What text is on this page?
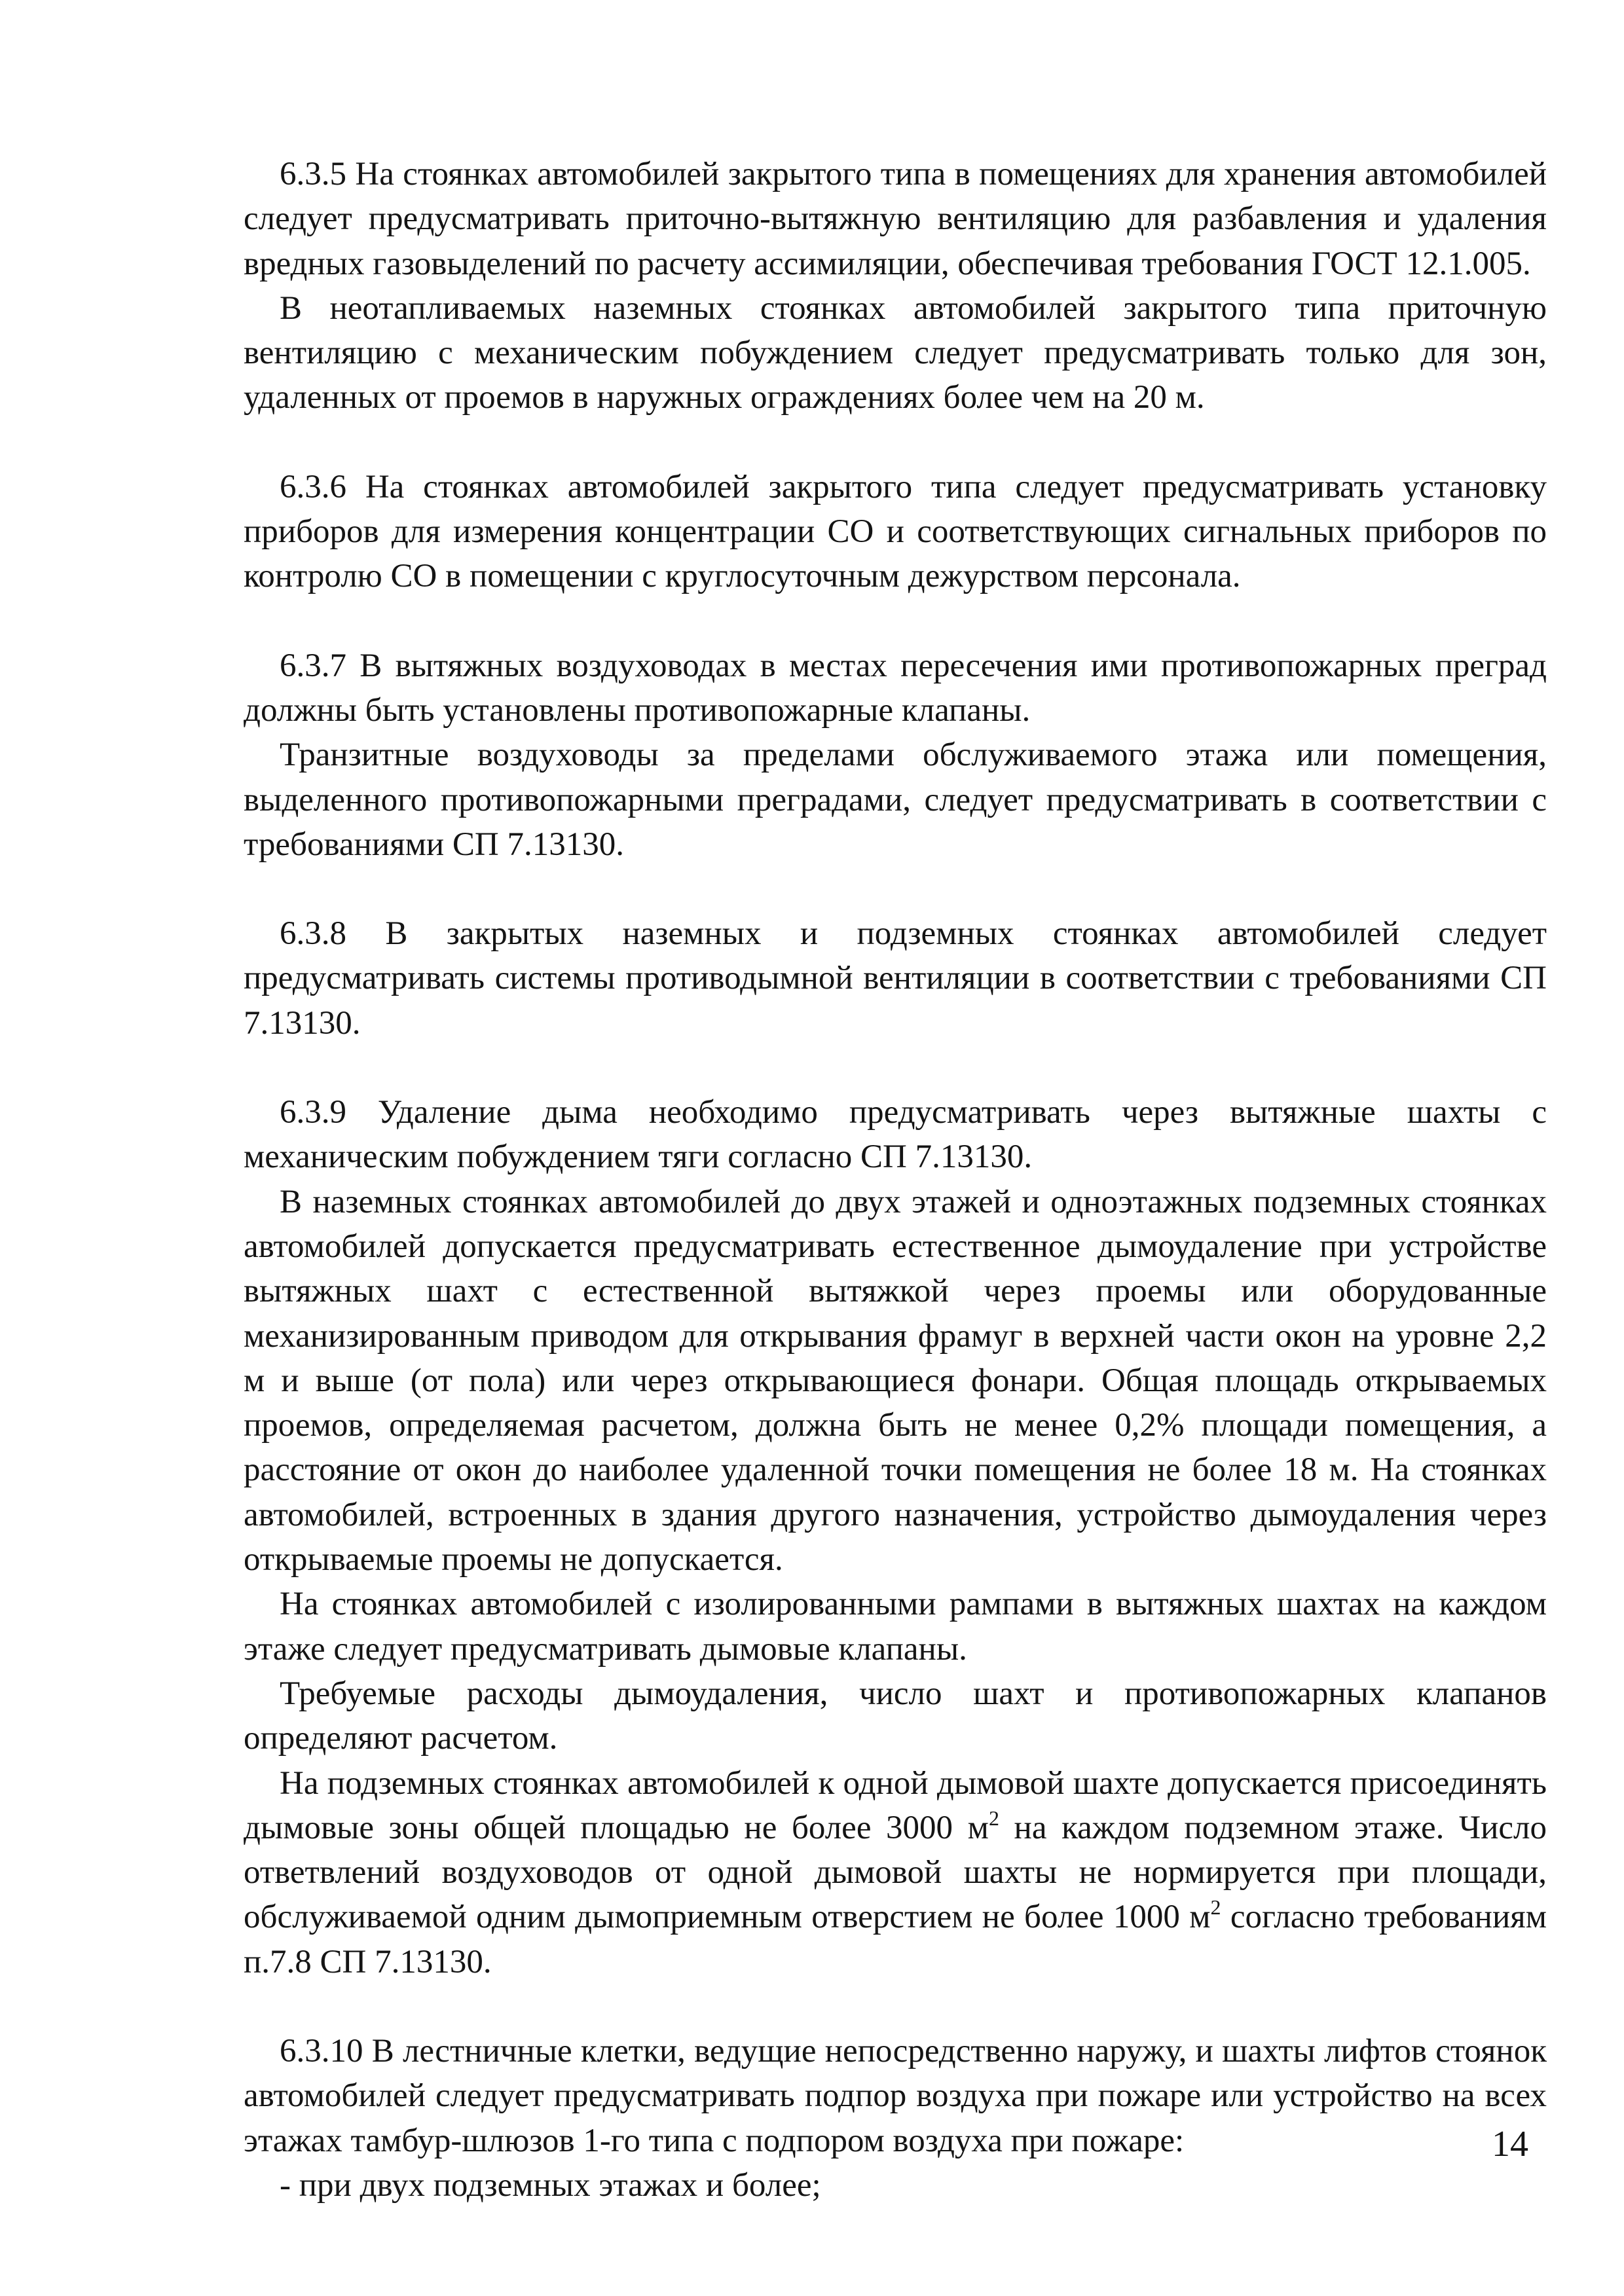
6.3.5 На стоянках автомобилей закрытого типа в помещениях для хранения автомобилей следует предусматривать приточно-вытяжную вентиляцию для разбавления и удаления вредных газовыделений по расчету ассимиляции, обеспечивая требования ГОСТ 12.1.005.

В неотапливаемых наземных стоянках автомобилей закрытого типа приточную вентиляцию с механическим побуждением следует предусматривать только для зон, удаленных от проемов в наружных ограждениях более чем на 20 м.

6.3.6 На стоянках автомобилей закрытого типа следует предусматривать установку приборов для измерения концентрации СО и соответствующих сигнальных приборов по контролю СО в помещении с круглосуточным дежурством персонала.

6.3.7 В вытяжных воздуховодах в местах пересечения ими противопожарных преград должны быть установлены противопожарные клапаны.

Транзитные воздуховоды за пределами обслуживаемого этажа или помещения, выделенного противопожарными преградами, следует предусматривать в соответствии с требованиями СП 7.13130.

6.3.8 В закрытых наземных и подземных стоянках автомобилей следует предусматривать системы противодымной вентиляции в соответствии с требованиями СП 7.13130.

6.3.9 Удаление дыма необходимо предусматривать через вытяжные шахты с механическим побуждением тяги согласно СП 7.13130.

В наземных стоянках автомобилей до двух этажей и одноэтажных подземных стоянках автомобилей допускается предусматривать естественное дымоудаление при устройстве вытяжных шахт с естественной вытяжкой через проемы или оборудованные механизированным приводом для открывания фрамуг в верхней части окон на уровне 2,2 м и выше (от пола) или через открывающиеся фонари. Общая площадь открываемых проемов, определяемая расчетом, должна быть не менее 0,2% площади помещения, а расстояние от окон до наиболее удаленной точки помещения не более 18 м. На стоянках автомобилей, встроенных в здания другого назначения, устройство дымоудаления через открываемые проемы не допускается.

На стоянках автомобилей с изолированными рампами в вытяжных шахтах на каждом этаже следует предусматривать дымовые клапаны.

Требуемые расходы дымоудаления, число шахт и противопожарных клапанов определяют расчетом.

На подземных стоянках автомобилей к одной дымовой шахте допускается присоединять дымовые зоны общей площадью не более 3000 $м^2$ на каждом подземном этаже. Число ответвлений воздуховодов от одной дымовой шахты не нормируется при площади, обслуживаемой одним дымоприемным отверстием не более 1000 $м^2$ согласно требованиям п.7.8 СП 7.13130.

6.3.10 В лестничные клетки, ведущие непосредственно наружу, и шахты лифтов стоянок автомобилей следует предусматривать подпор воздуха при пожаре или устройство на всех этажах тамбур-шлюзов 1-го типа с подпором воздуха при пожаре:

- при двух подземных этажах и более;

14
